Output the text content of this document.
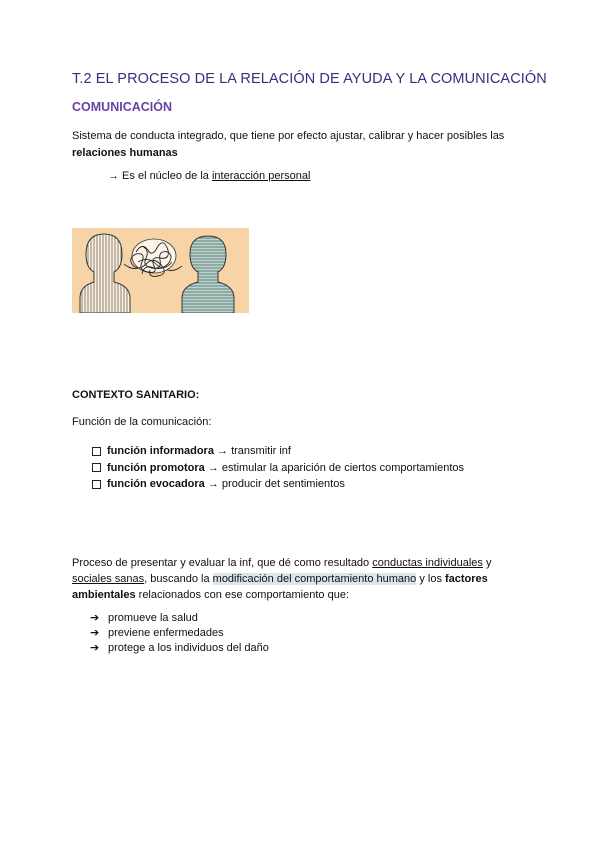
T.2 EL PROCESO DE LA RELACIÓN DE AYUDA Y LA COMUNICACIÓN
COMUNICACIÓN
Sistema de conducta integrado, que tiene por efecto ajustar, calibrar y hacer posibles las relaciones humanas
→ Es el núcleo de la interacción personal
CONTEXTO SANITARIO:
Función de la comunicación:
función informadora → transmitir inf
función promotora → estimular la aparición de ciertos comportamientos
función evocadora → producir det sentimientos
Proceso de presentar y evaluar la inf, que dé como resultado conductas individuales y sociales sanas, buscando la modificación del comportamiento humano y los factores ambientales relacionados con ese comportamiento que:
➔ promueve la salud
➔ previene enfermedades
➔ protege a los individuos del daño
